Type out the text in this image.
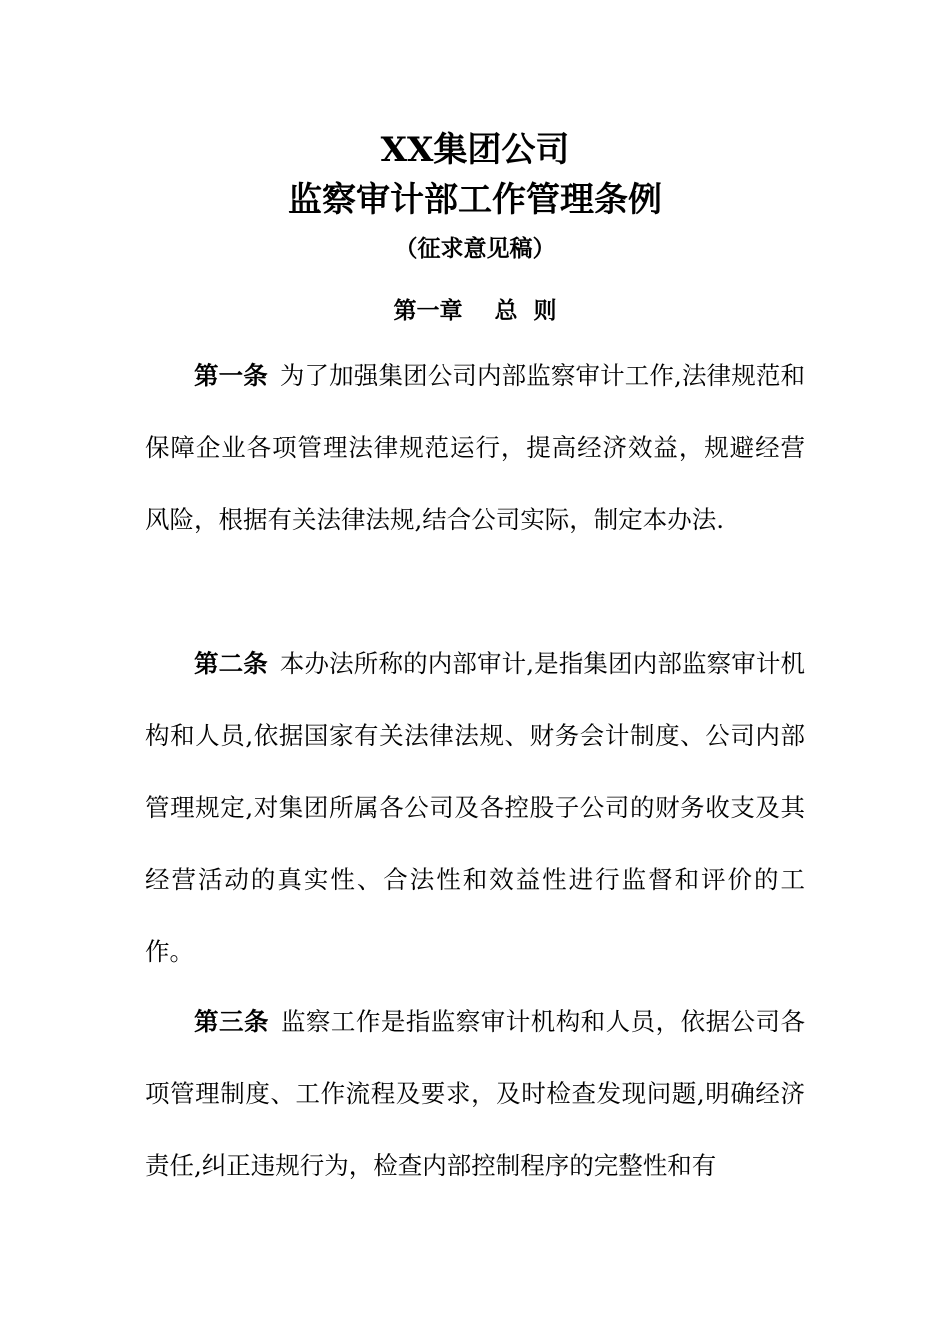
XX集团公司
监察审计部工作管理条例
（征求意见稿）
第一章    总  则
第一条 为了加强集团公司内部监察审计工作,法律规范和保障企业各项管理法律规范运行，提高经济效益，规避经营风险，根据有关法律法规,结合公司实际，制定本办法.
第二条 本办法所称的内部审计,是指集团内部监察审计机构和人员,依据国家有关法律法规、财务会计制度、公司内部管理规定,对集团所属各公司及各控股子公司的财务收支及其经营活动的真实性、合法性和效益性进行监督和评价的工作。
第三条 监察工作是指监察审计机构和人员，依据公司各项管理制度、工作流程及要求，及时检查发现问题,明确经济责任,纠正违规行为，检查内部控制程序的完整性和有
